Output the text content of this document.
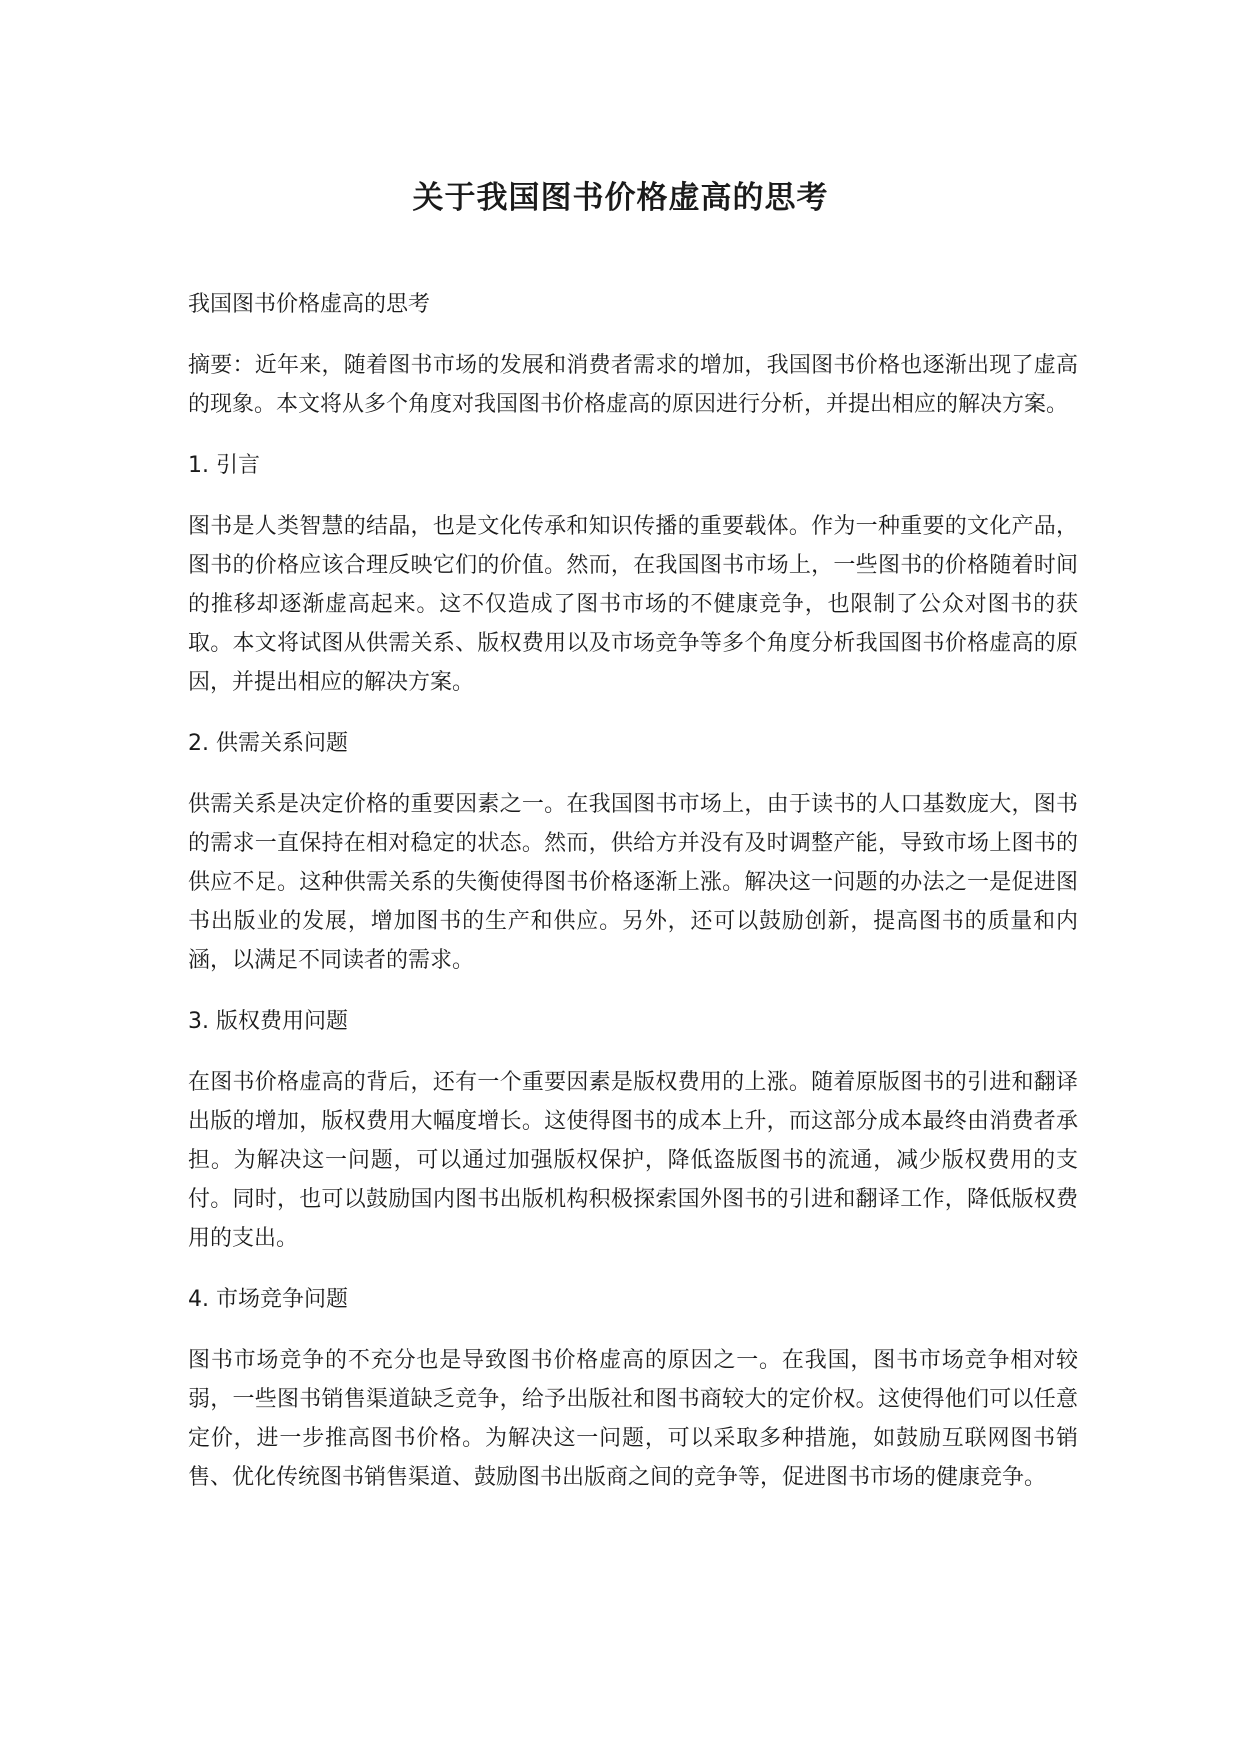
关于我国图书价格虚高的思考

我国图书价格虚高的思考

摘要：近年来，随着图书市场的发展和消费者需求的增加，我国图书价格也逐渐出现了虚高的现象。本文将从多个角度对我国图书价格虚高的原因进行分析，并提出相应的解决方案。

1. 引言

图书是人类智慧的结晶，也是文化传承和知识传播的重要载体。作为一种重要的文化产品，图书的价格应该合理反映它们的价值。然而，在我国图书市场上，一些图书的价格随着时间的推移却逐渐虚高起来。这不仅造成了图书市场的不健康竞争，也限制了公众对图书的获取。本文将试图从供需关系、版权费用以及市场竞争等多个角度分析我国图书价格虚高的原因，并提出相应的解决方案。

2. 供需关系问题

供需关系是决定价格的重要因素之一。在我国图书市场上，由于读书的人口基数庞大，图书的需求一直保持在相对稳定的状态。然而，供给方并没有及时调整产能，导致市场上图书的供应不足。这种供需关系的失衡使得图书价格逐渐上涨。解决这一问题的办法之一是促进图书出版业的发展，增加图书的生产和供应。另外，还可以鼓励创新，提高图书的质量和内涵，以满足不同读者的需求。

3. 版权费用问题

在图书价格虚高的背后，还有一个重要因素是版权费用的上涨。随着原版图书的引进和翻译出版的增加，版权费用大幅度增长。这使得图书的成本上升，而这部分成本最终由消费者承担。为解决这一问题，可以通过加强版权保护，降低盗版图书的流通，减少版权费用的支付。同时，也可以鼓励国内图书出版机构积极探索国外图书的引进和翻译工作，降低版权费用的支出。

4. 市场竞争问题

图书市场竞争的不充分也是导致图书价格虚高的原因之一。在我国，图书市场竞争相对较弱，一些图书销售渠道缺乏竞争，给予出版社和图书商较大的定价权。这使得他们可以任意定价，进一步推高图书价格。为解决这一问题，可以采取多种措施，如鼓励互联网图书销售、优化传统图书销售渠道、鼓励图书出版商之间的竞争等，促进图书市场的健康竞争。
